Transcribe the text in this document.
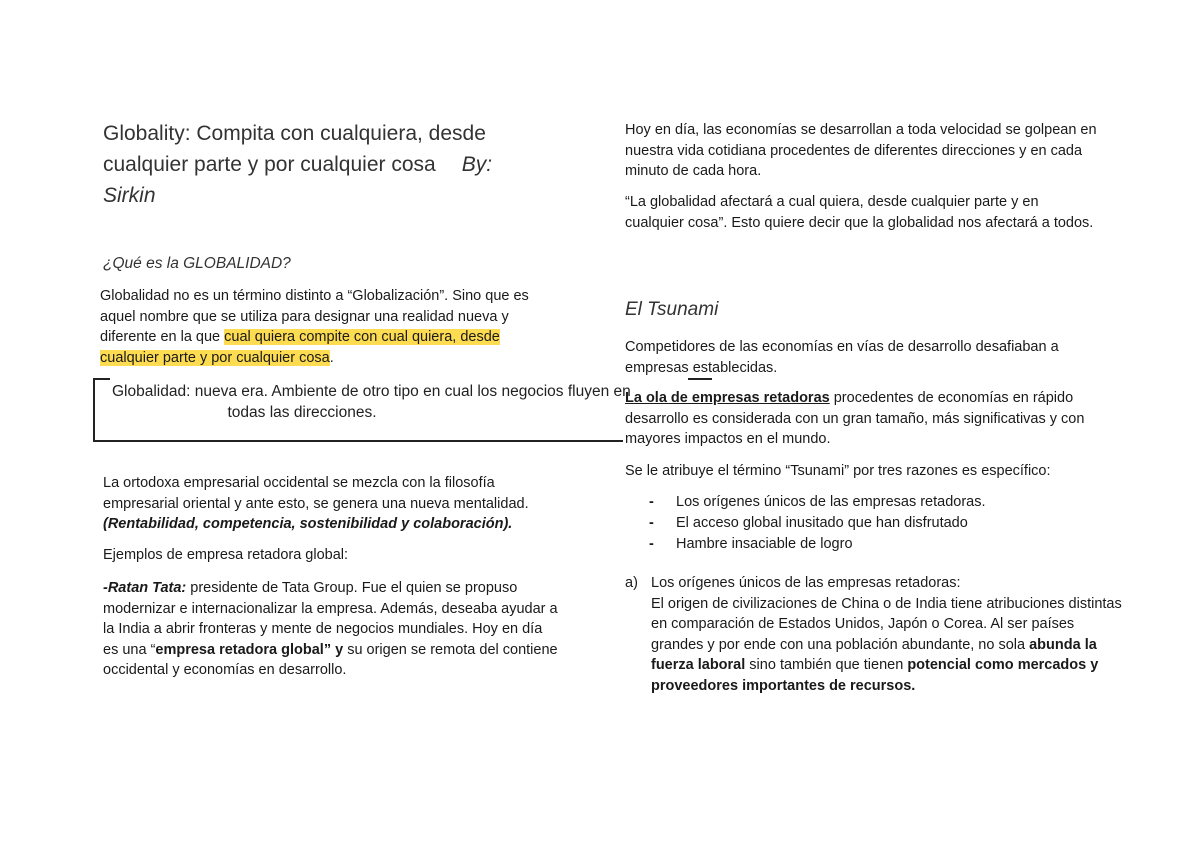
Globality: Compita con cualquiera, desde cualquier parte y por cualquier cosa By:
Sirkin
¿Qué es la GLOBALIDAD?

Globalidad no es un término distinto a “Globalización”. Sino que es aquel nombre que se utiliza para designar una realidad nueva y diferente en la que cual quiera compite con cual quiera, desde cualquier parte y por cualquier cosa.

Globalidad: nueva era. Ambiente de otro tipo en cual los negocios fluyen en
todas las direcciones.

La ortodoxa empresarial occidental se mezcla con la filosofía empresarial oriental y ante esto, se genera una nueva mentalidad. (Rentabilidad, competencia, sostenibilidad y colaboración).

Ejemplos de empresa retadora global:

-Ratan Tata: presidente de Tata Group. Fue el quien se propuso modernizar e internacionalizar la empresa. Además, deseaba ayudar a la India a abrir fronteras y mente de negocios mundiales. Hoy en día es una “empresa retadora global” y su origen se remota del contiene occidental y economías en desarrollo.

Hoy en día, las economías se desarrollan a toda velocidad se golpean en nuestra vida cotidiana procedentes de diferentes direcciones y en cada minuto de cada hora.

“La globalidad afectará a cual quiera, desde cualquier parte y en cualquier cosa”. Esto quiere decir que la globalidad nos afectará a todos.

El Tsunami

Competidores de las economías en vías de desarrollo desafiaban a empresas establecidas.

La ola de empresas retadoras procedentes de economías en rápido desarrollo es considerada con un gran tamaño, más significativas y con mayores impactos en el mundo.

Se le atribuye el término “Tsunami” por tres razones es específico:

- Los orígenes únicos de las empresas retadoras.
- El acceso global inusitado que han disfrutado
- Hambre insaciable de logro
a) Los orígenes únicos de las empresas retadoras:
El origen de civilizaciones de China o de India tiene atribuciones distintas en comparación de Estados Unidos, Japón o Corea. Al ser países grandes y por ende con una población abundante, no sola abunda la fuerza laboral sino también que tienen potencial como mercados y proveedores importantes de recursos.
